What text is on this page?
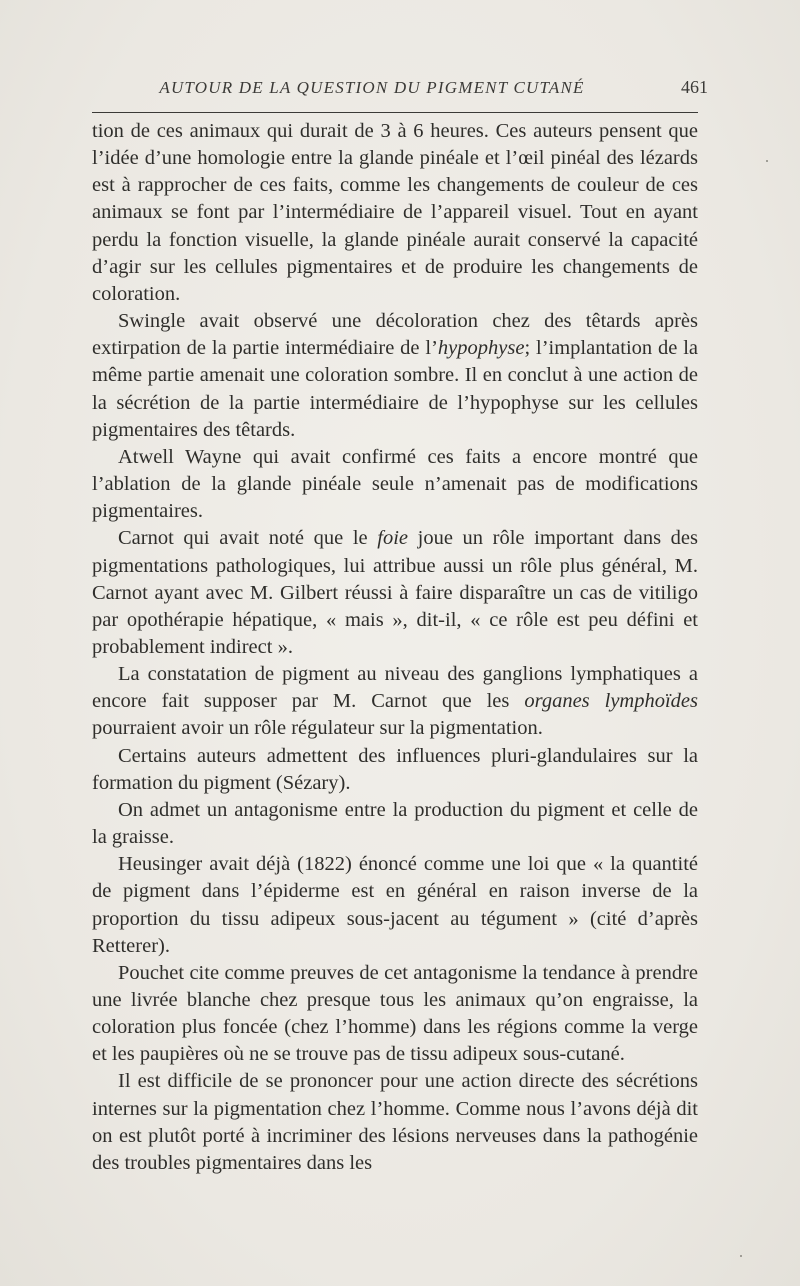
AUTOUR DE LA QUESTION DU PIGMENT CUTANÉ	461

tion de ces animaux qui durait de 3 à 6 heures. Ces auteurs pensent que l’idée d’une homologie entre la glande pinéale et l’œil pinéal des lézards est à rapprocher de ces faits, comme les changements de couleur de ces animaux se font par l’intermédiaire de l’appareil visuel. Tout en ayant perdu la fonction visuelle, la glande pinéale aurait conservé la capacité d’agir sur les cellules pigmentaires et de produire les changements de coloration.

Swingle avait observé une décoloration chez des têtards après extirpation de la partie intermédiaire de l’hypophyse; l’implantation de la même partie amenait une coloration sombre. Il en conclut à une action de la sécrétion de la partie intermédiaire de l’hypophyse sur les cellules pigmentaires des têtards.

Atwell Wayne qui avait confirmé ces faits a encore montré que l’ablation de la glande pinéale seule n’amenait pas de modifications pigmentaires.

Carnot qui avait noté que le foie joue un rôle important dans des pigmentations pathologiques, lui attribue aussi un rôle plus général, M. Carnot ayant avec M. Gilbert réussi à faire disparaître un cas de vitiligo par opothérapie hépatique, « mais », dit-il, « ce rôle est peu défini et probablement indirect ».

La constatation de pigment au niveau des ganglions lymphatiques a encore fait supposer par M. Carnot que les organes lymphoïdes pourraient avoir un rôle régulateur sur la pigmentation.

Certains auteurs admettent des influences pluri-glandulaires sur la formation du pigment (Sézary).

On admet un antagonisme entre la production du pigment et celle de la graisse.

Heusinger avait déjà (1822) énoncé comme une loi que « la quantité de pigment dans l’épiderme est en général en raison inverse de la proportion du tissu adipeux sous-jacent au tégument » (cité d’après Retterer).

Pouchet cite comme preuves de cet antagonisme la tendance à prendre une livrée blanche chez presque tous les animaux qu’on engraisse, la coloration plus foncée (chez l’homme) dans les régions comme la verge et les paupières où ne se trouve pas de tissu adipeux sous-cutané.

Il est difficile de se prononcer pour une action directe des sécrétions internes sur la pigmentation chez l’homme. Comme nous l’avons déjà dit on est plutôt porté à incriminer des lésions nerveuses dans la pathogénie des troubles pigmentaires dans les
